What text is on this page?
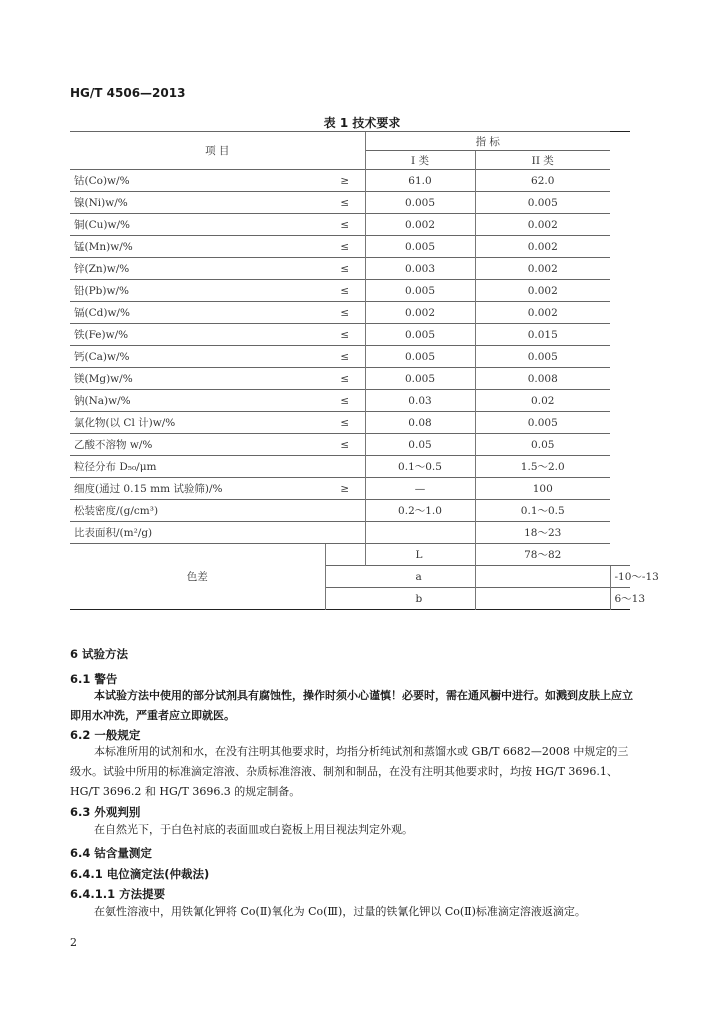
HG/T 4506—2013
表 1 技术要求
项 目		指 标		
		I 类	II 类	
钴(Co)w/%	≥	61.0	62.0	
镍(Ni)w/%	≤	0.005	0.005	
铜(Cu)w/%	≤	0.002	0.002	
锰(Mn)w/%	≤	0.005	0.002	
锌(Zn)w/%	≤	0.003	0.002	
铅(Pb)w/%	≤	0.005	0.002	
镉(Cd)w/%	≤	0.002	0.002	
铁(Fe)w/%	≤	0.005	0.015	
钙(Ca)w/%	≤	0.005	0.005	
镁(Mg)w/%	≤	0.005	0.008	
钠(Na)w/%	≤	0.03	0.02	
氯化物(以 Cl 计)w/%	≤	0.08	0.005	
乙酸不溶物 w/%	≤	0.05	0.05	
粒径分布 D₅₀/μm		0.1～0.5	1.5～2.0	
细度(通过 0.15 mm 试验筛)/%	≥	—	100	
松装密度/(g/cm³)		0.2～1.0	0.1～0.5	
比表面积/(m²/g)			18～23	
色差	L		78～82	
	a			-10～-13
	b			6～13
6 试验方法
6.1 警告
本试验方法中使用的部分试剂具有腐蚀性，操作时须小心谨慎！必要时，需在通风橱中进行。如溅到皮肤上应立即用水冲洗，严重者应立即就医。
6.2 一般规定
本标准所用的试剂和水，在没有注明其他要求时，均指分析纯试剂和蒸馏水或 GB/T 6682—2008 中规定的三级水。试验中所用的标准滴定溶液、杂质标准溶液、制剂和制品，在没有注明其他要求时，均按 HG/T 3696.1、HG/T 3696.2 和 HG/T 3696.3 的规定制备。
6.3 外观判别
在自然光下，于白色衬底的表面皿或白瓷板上用目视法判定外观。
6.4 钴含量测定
6.4.1 电位滴定法(仲裁法)
6.4.1.1 方法提要
在氨性溶液中，用铁氰化钾将 Co(Ⅱ)氧化为 Co(Ⅲ)，过量的铁氰化钾以 Co(Ⅱ)标准滴定溶液返滴定。
2
